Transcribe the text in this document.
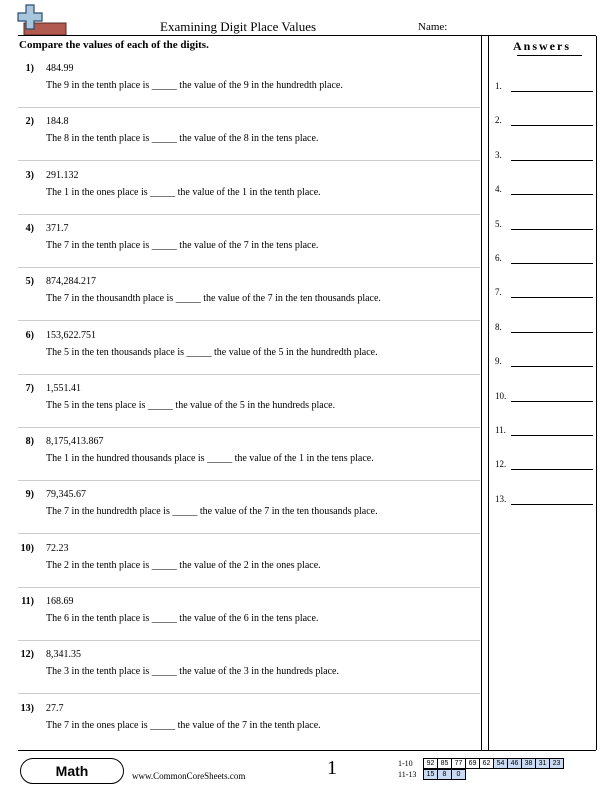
Examining Digit Place Values	Name:
Compare the values of each of the digits.
1) 484.99
The 9 in the tenth place is _____ the value of the 9 in the hundredth place.
2) 184.8
The 8 in the tenth place is _____ the value of the 8 in the tens place.
3) 291.132
The 1 in the ones place is _____ the value of the 1 in the tenth place.
4) 371.7
The 7 in the tenth place is _____ the value of the 7 in the tens place.
5) 874,284.217
The 7 in the thousandth place is _____ the value of the 7 in the ten thousands place.
6) 153,622.751
The 5 in the ten thousands place is _____ the value of the 5 in the hundredth place.
7) 1,551.41
The 5 in the tens place is _____ the value of the 5 in the hundreds place.
8) 8,175,413.867
The 1 in the hundred thousands place is _____ the value of the 1 in the tens place.
9) 79,345.67
The 7 in the hundredth place is _____ the value of the 7 in the ten thousands place.
10) 72.23
The 2 in the tenth place is _____ the value of the 2 in the ones place.
11) 168.69
The 6 in the tenth place is _____ the value of the 6 in the tens place.
12) 8,341.35
The 3 in the tenth place is _____ the value of the 3 in the hundreds place.
13) 27.7
The 7 in the ones place is _____ the value of the 7 in the tenth place.
Answers
1.
2.
3.
4.
5.
6.
7.
8.
9.
10.
11.
12.
13.
Math	www.CommonCoreSheets.com	1	1-10 92	85	77	69	62	54	46	38	31	23
11-13 15	8	0
